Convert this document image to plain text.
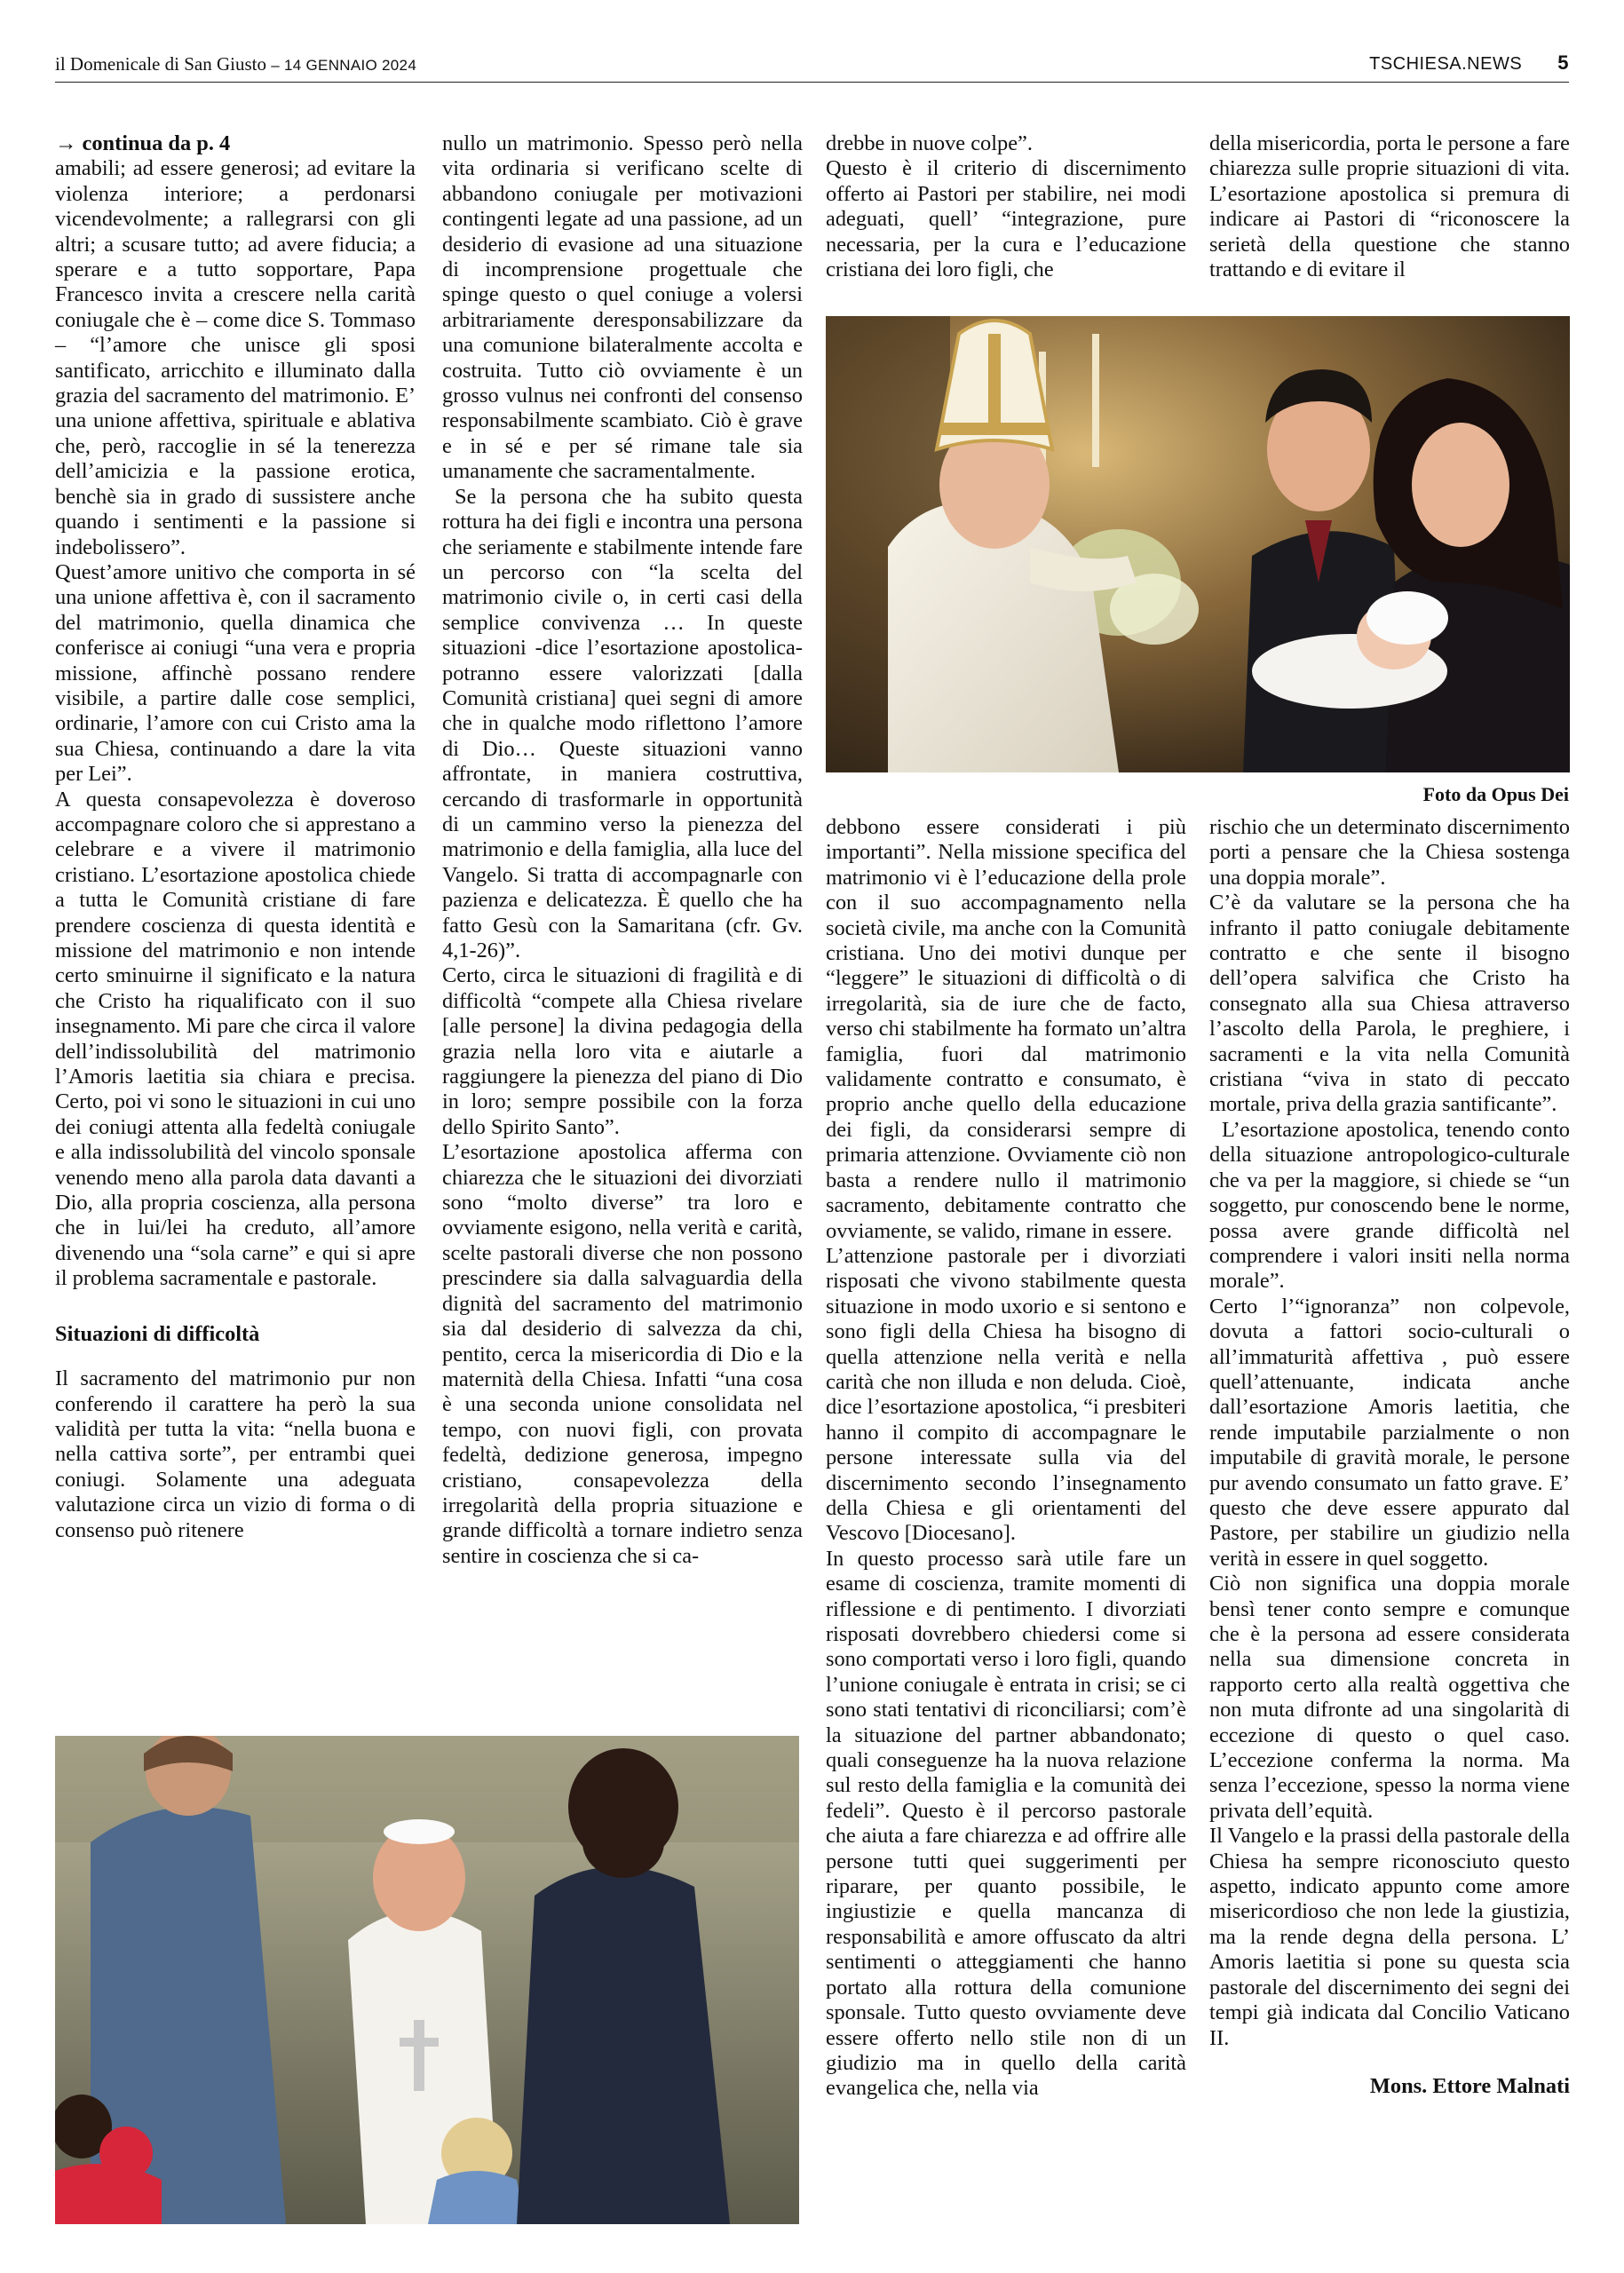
il Domenicale di San Giusto – 14 GENNAIO 2024	TSCHIESA.NEWS 5

→ continua da p. 4

amabili; ad essere generosi; ad evitare la violenza interiore; a perdonarsi vicendevolmente; a rallegrarsi con gli altri; a scusare tutto; ad avere fiducia; a sperare e a tutto sopportare, Papa Francesco invita a crescere nella carità coniugale che è – come dice S. Tommaso – “l’amore che unisce gli sposi santificato, arricchito e illuminato dalla grazia del sacramento del matrimonio. E’ una unione affettiva, spirituale e ablativa che, però, raccoglie in sé la tenerezza dell’amicizia e la passione erotica, benchè sia in grado di sussistere anche quando i sentimenti e la passione si indebolissero”.

Quest’amore unitivo che comporta in sé una unione affettiva è, con il sacramento del matrimonio, quella dinamica che conferisce ai coniugi “una vera e propria missione, affinchè possano rendere visibile, a partire dalle cose semplici, ordinarie, l’amore con cui Cristo ama la sua Chiesa, continuando a dare la vita per Lei”.

A questa consapevolezza è doveroso accompagnare coloro che si apprestano a celebrare e a vivere il matrimonio cristiano. L’esortazione apostolica chiede a tutta le Comunità cristiane di fare prendere coscienza di questa identità e missione del matrimonio e non intende certo sminuirne il significato e la natura che Cristo ha riqualificato con il suo insegnamento. Mi pare che circa il valore dell’indissolubilità del matrimonio l’Amoris laetitia sia chiara e precisa. Certo, poi vi sono le situazioni in cui uno dei coniugi attenta alla fedeltà coniugale e alla indissolubilità del vincolo sponsale venendo meno alla parola data davanti a Dio, alla propria coscienza, alla persona che in lui/lei ha creduto, all’amore divenendo una “sola carne” e qui si apre il problema sacramentale e pastorale.

Situazioni di difficoltà

Il sacramento del matrimonio pur non conferendo il carattere ha però la sua validità per tutta la vita: “nella buona e nella cattiva sorte”, per entrambi quei coniugi. Solamente una adeguata valutazione circa un vizio di forma o di consenso può ritenere

nullo un matrimonio. Spesso però nella vita ordinaria si verificano scelte di abbandono coniugale per motivazioni contingenti legate ad una passione, ad un desiderio di evasione ad una situazione di incomprensione progettuale che spinge questo o quel coniuge a volersi arbitrariamente deresponsabilizzare da una comunione bilateralmente accolta e costruita. Tutto ciò ovviamente è un grosso vulnus nei confronti del consenso responsabilmente scambiato. Ciò è grave e in sé e per sé rimane tale sia umanamente che sacramentalmente.

Se la persona che ha subito questa rottura ha dei figli e incontra una persona che seriamente e stabilmente intende fare un percorso con “la scelta del matrimonio civile o, in certi casi della semplice convivenza … In queste situazioni -dice l’esortazione apostolica- potranno essere valorizzati [dalla Comunità cristiana] quei segni di amore che in qualche modo riflettono l’amore di Dio… Queste situazioni vanno affrontate, in maniera costruttiva, cercando di trasformarle in opportunità di un cammino verso la pienezza del matrimonio e della famiglia, alla luce del Vangelo. Si tratta di accompagnarle con pazienza e delicatezza. È quello che ha fatto Gesù con la Samaritana (cfr. Gv. 4,1-26)”.

Certo, circa le situazioni di fragilità e di difficoltà “compete alla Chiesa rivelare [alle persone] la divina pedagogia della grazia nella loro vita e aiutarle a raggiungere la pienezza del piano di Dio in loro; sempre possibile con la forza dello Spirito Santo”.

L’esortazione apostolica afferma con chiarezza che le situazioni dei divorziati sono “molto diverse” tra loro e ovviamente esigono, nella verità e carità, scelte pastorali diverse che non possono prescindere sia dalla salvaguardia della dignità del sacramento del matrimonio sia dal desiderio di salvezza da chi, pentito, cerca la misericordia di Dio e la maternità della Chiesa. Infatti “una cosa è una seconda unione consolidata nel tempo, con nuovi figli, con provata fedeltà, dedizione generosa, impegno cristiano, consapevolezza della irregolarità della propria situazione e grande difficoltà a tornare indietro senza sentire in coscienza che si ca-

drebbe in nuove colpe”.

Questo è il criterio di discernimento offerto ai Pastori per stabilire, nei modi adeguati, quell’ “integrazione, pure necessaria, per la cura e l’educazione cristiana dei loro figli, che

della misericordia, porta le persone a fare chiarezza sulle proprie situazioni di vita. L’esortazione apostolica si premura di indicare ai Pastori di “riconoscere la serietà della questione che stanno trattando e di evitare il

Foto da Opus Dei

debbono essere considerati i più importanti”. Nella missione specifica del matrimonio vi è l’educazione della prole con il suo accompagnamento nella società civile, ma anche con la Comunità cristiana. Uno dei motivi dunque per “leggere” le situazioni di difficoltà o di irregolarità, sia de iure che de facto, verso chi stabilmente ha formato un’altra famiglia, fuori dal matrimonio validamente contratto e consumato, è proprio anche quello della educazione dei figli, da considerarsi sempre di primaria attenzione. Ovviamente ciò non basta a rendere nullo il matrimonio sacramento, debitamente contratto che ovviamente, se valido, rimane in essere.

L’attenzione pastorale per i divorziati risposati che vivono stabilmente questa situazione in modo uxorio e si sentono e sono figli della Chiesa ha bisogno di quella attenzione nella verità e nella carità che non illuda e non deluda. Cioè, dice l’esortazione apostolica, “i presbiteri hanno il compito di accompagnare le persone interessate sulla via del discernimento secondo l’insegnamento della Chiesa e gli orientamenti del Vescovo [Diocesano].

In questo processo sarà utile fare un esame di coscienza, tramite momenti di riflessione e di pentimento. I divorziati risposati dovrebbero chiedersi come si sono comportati verso i loro figli, quando l’unione coniugale è entrata in crisi; se ci sono stati tentativi di riconciliarsi; com’è la situazione del partner abbandonato; quali conseguenze ha la nuova relazione sul resto della famiglia e la comunità dei fedeli”. Questo è il percorso pastorale che aiuta a fare chiarezza e ad offrire alle persone tutti quei suggerimenti per riparare, per quanto possibile, le ingiustizie e quella mancanza di responsabilità e amore offuscato da altri sentimenti o atteggiamenti che hanno portato alla rottura della comunione sponsale. Tutto questo ovviamente deve essere offerto nello stile non di un giudizio ma in quello della carità evangelica che, nella via

rischio che un determinato discernimento porti a pensare che la Chiesa sostenga una doppia morale”.

C’è da valutare se la persona che ha infranto il patto coniugale debitamente contratto e che sente il bisogno dell’opera salvifica che Cristo ha consegnato alla sua Chiesa attraverso l’ascolto della Parola, le preghiere, i sacramenti e la vita nella Comunità cristiana “viva in stato di peccato mortale, priva della grazia santificante”.

L’esortazione apostolica, tenendo conto della situazione antropologico-culturale che va per la maggiore, si chiede se “un soggetto, pur conoscendo bene le norme, possa avere grande difficoltà nel comprendere i valori insiti nella norma morale”.

Certo l’“ignoranza” non colpevole, dovuta a fattori socio-culturali o all’immaturità affettiva , può essere quell’attenuante, indicata anche dall’esortazione Amoris laetitia, che rende imputabile parzialmente o non imputabile di gravità morale, le persone pur avendo consumato un fatto grave. E’ questo che deve essere appurato dal Pastore, per stabilire un giudizio nella verità in essere in quel soggetto.

Ciò non significa una doppia morale bensì tener conto sempre e comunque che è la persona ad essere considerata nella sua dimensione concreta in rapporto certo alla realtà oggettiva che non muta difronte ad una singolarità di eccezione di questo o quel caso. L’eccezione conferma la norma. Ma senza l’eccezione, spesso la norma viene privata dell’equità.

Il Vangelo e la prassi della pastorale della Chiesa ha sempre riconosciuto questo aspetto, indicato appunto come amore misericordioso che non lede la giustizia, ma la rende degna della persona. L’ Amoris laetitia si pone su questa scia pastorale del discernimento dei segni dei tempi già indicata dal Concilio Vaticano II.

Mons. Ettore Malnati
